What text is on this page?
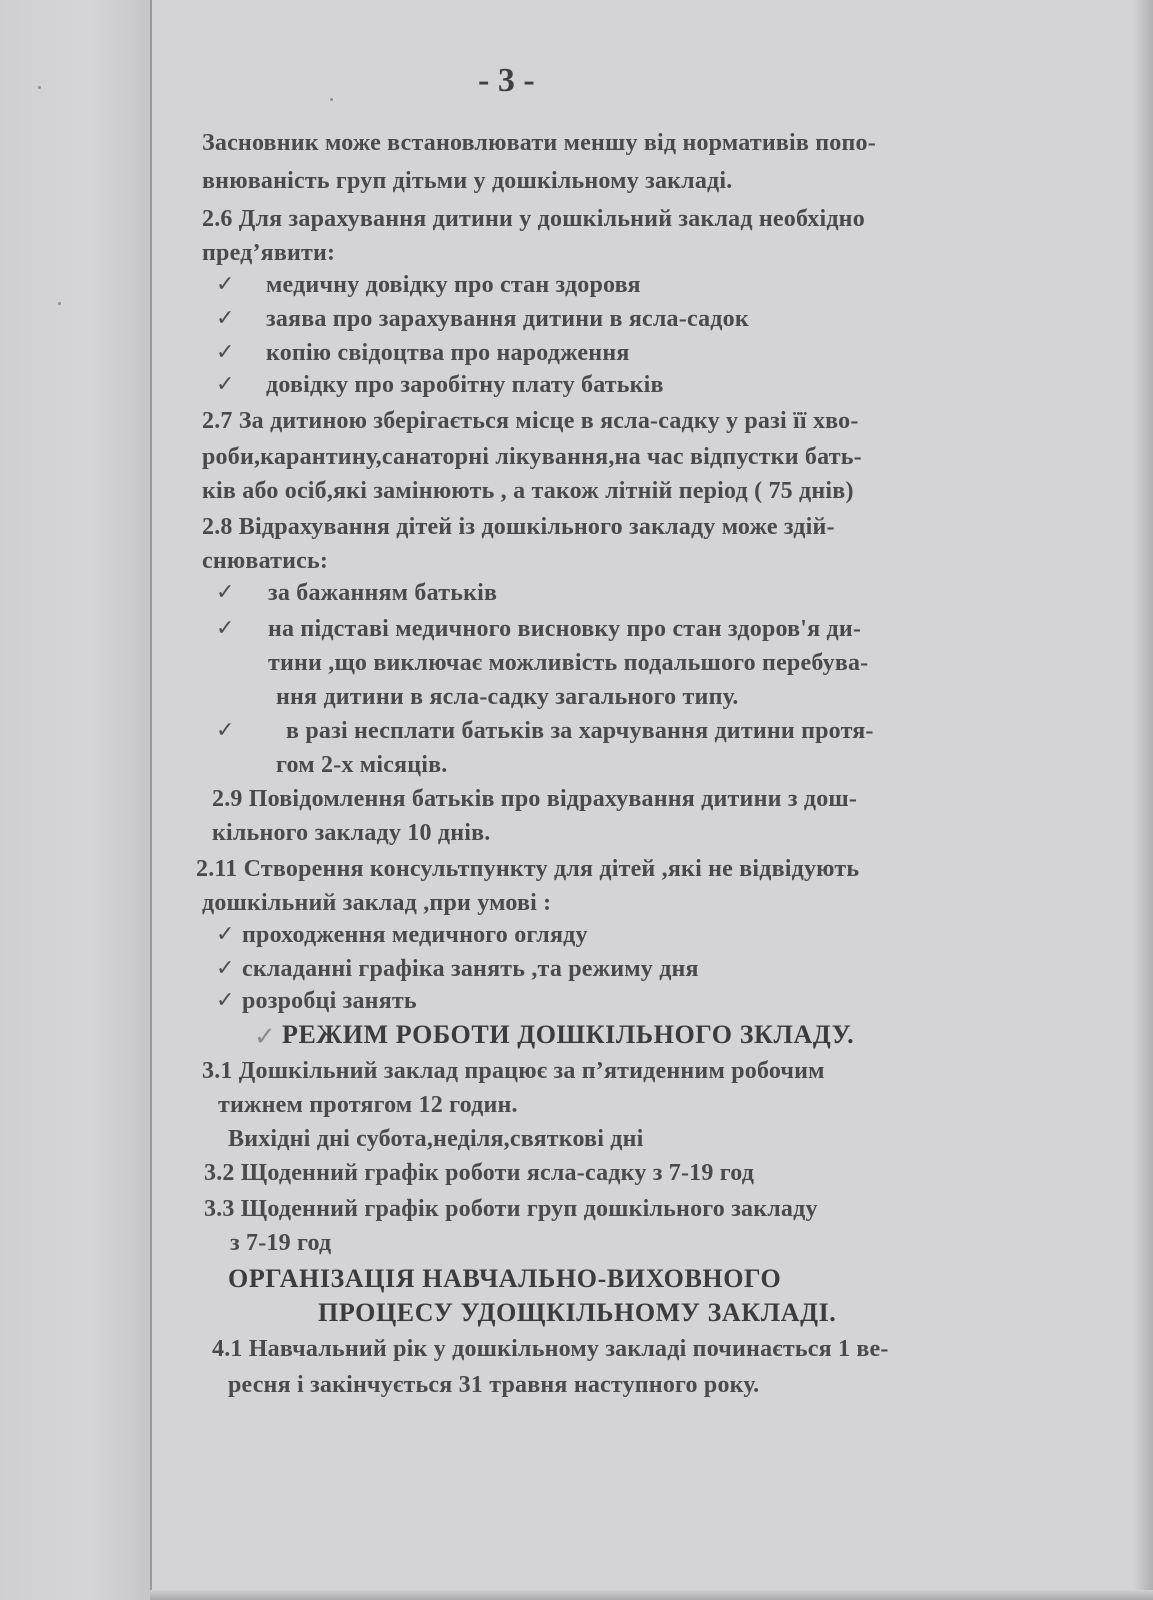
- 3 -
Засновник може встановлювати меншу від нормативів попо-
внюваність груп дітьми у дошкільному закладі.
2.6 Для зарахування дитини у дошкільний заклад необхідно
пред’явити:
✓ медичну довідку про стан здоровя
✓ заява про зарахування дитини в ясла-садок
✓ копію свідоцтва про народження
✓ довідку про заробітну плату батьків
2.7 За дитиною зберігається місце в ясла-садку у разі її хво-
роби,карантину,санаторні лікування,на час відпустки бать-
ків або осіб,які замінюють , а також літній період ( 75 днів)
2.8 Відрахування дітей із дошкільного закладу може здій-
снюватись:
✓ за бажанням батьків
✓ на підставі медичного висновку про стан здоров'я ди-
тини ,що виключає можливість подальшого перебува-
ння дитини в ясла-садку загального типу.
✓ в разі несплати батьків за харчування дитини протя-
гом 2-х місяців.
2.9 Повідомлення батьків про відрахування дитини з дош-
кільного закладу 10 днів.
2.11 Створення консультпункту для дітей ,які не відвідують
дошкільний заклад ,при умові :
✓ проходження медичного огляду
✓ складанні графіка занять ,та режиму дня
✓ розробці занять
✓ РЕЖИМ РОБОТИ ДОШКІЛЬНОГО ЗКЛАДУ.
3.1 Дошкільний заклад працює за п’ятиденним робочим
тижнем протягом 12 годин.
Вихідні дні субота,неділя,святкові дні
3.2 Щоденний графік роботи ясла-садку з 7-19 год
3.3 Щоденний графік роботи груп дошкільного закладу
з 7-19 год
ОРГАНІЗАЦІЯ НАВЧАЛЬНО-ВИХОВНОГО
ПРОЦЕСУ УДОЩКІЛЬНОМУ ЗАКЛАДІ.
4.1 Навчальний рік у дошкільному закладі починається 1 ве-
ресня і закінчується 31 травня наступного року.
